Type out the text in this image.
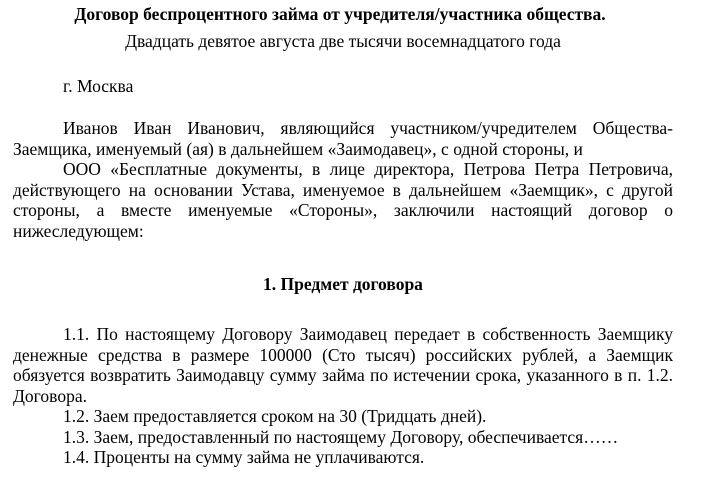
Договор беспроцентного займа от учредителя/участника общества.
Двадцать девятое августа две тысячи восемнадцатого года
г. Москва

Иванов Иван Иванович, являющийся участником/учредителем Общества-Заемщика, именуемый (ая) в дальнейшем «Заимодавец», с одной стороны, и

ООО «Бесплатные документы, в лице директора, Петрова Петра Петровича, действующего на основании Устава, именуемое в дальнейшем «Заемщик», с другой стороны, а вместе именуемые «Стороны», заключили настоящий договор о нижеследующем:

1. Предмет договора

1.1. По настоящему Договору Заимодавец передает в собственность Заемщику денежные средства в размере 100000 (Сто тысяч) российских рублей, а Заемщик обязуется возвратить Заимодавцу сумму займа по истечении срока, указанного в п. 1.2. Договора.

1.2. Заем предоставляется сроком на 30 (Тридцать дней).

1.3. Заем, предоставленный по настоящему Договору, обеспечивается……

1.4. Проценты на сумму займа не уплачиваются.
